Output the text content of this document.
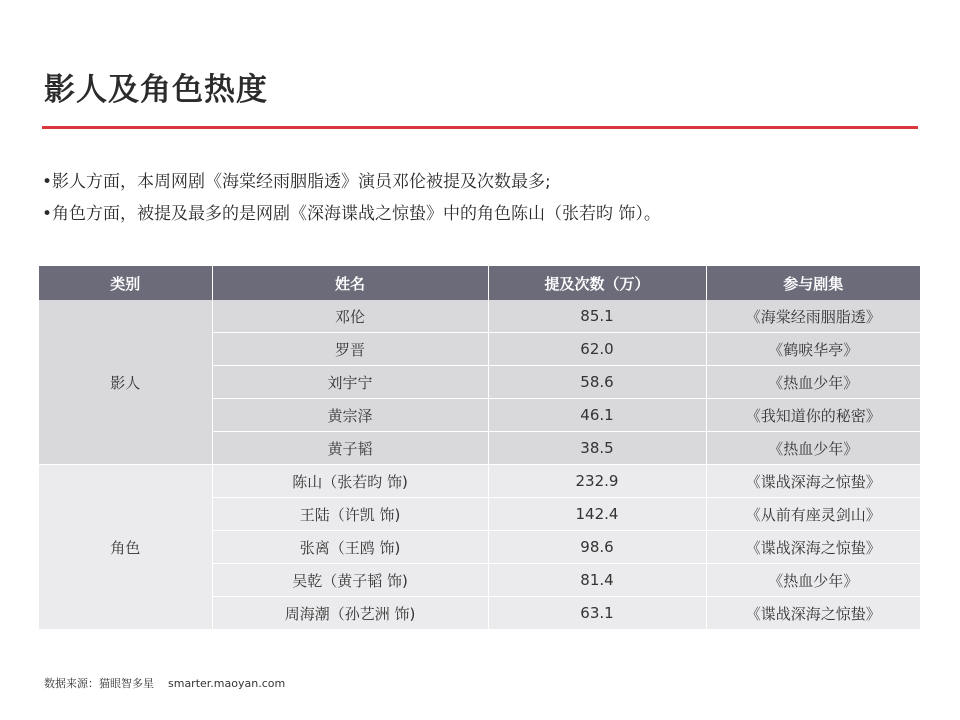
影人及角色热度
•影人方面，本周网剧《海棠经雨胭脂透》演员邓伦被提及次数最多;
•角色方面，被提及最多的是网剧《深海谍战之惊蛰》中的角色陈山（张若昀 饰）。
类别	姓名	提及次数（万）	参与剧集
影人	邓伦	85.1	《海棠经雨胭脂透》
	罗晋	62.0	《鹤唳华亭》
	刘宇宁	58.6	《热血少年》
	黄宗泽	46.1	《我知道你的秘密》
	黄子韬	38.5	《热血少年》
角色	陈山（张若昀 饰)	232.9	《谍战深海之惊蛰》
	王陆（许凯 饰)	142.4	《从前有座灵剑山》
	张离（王鸥 饰)	98.6	《谍战深海之惊蛰》
	吴乾（黄子韬 饰)	81.4	《热血少年》
	周海潮（孙艺洲 饰)	63.1	《谍战深海之惊蛰》
数据来源：猫眼智多星 smarter.maoyan.com
